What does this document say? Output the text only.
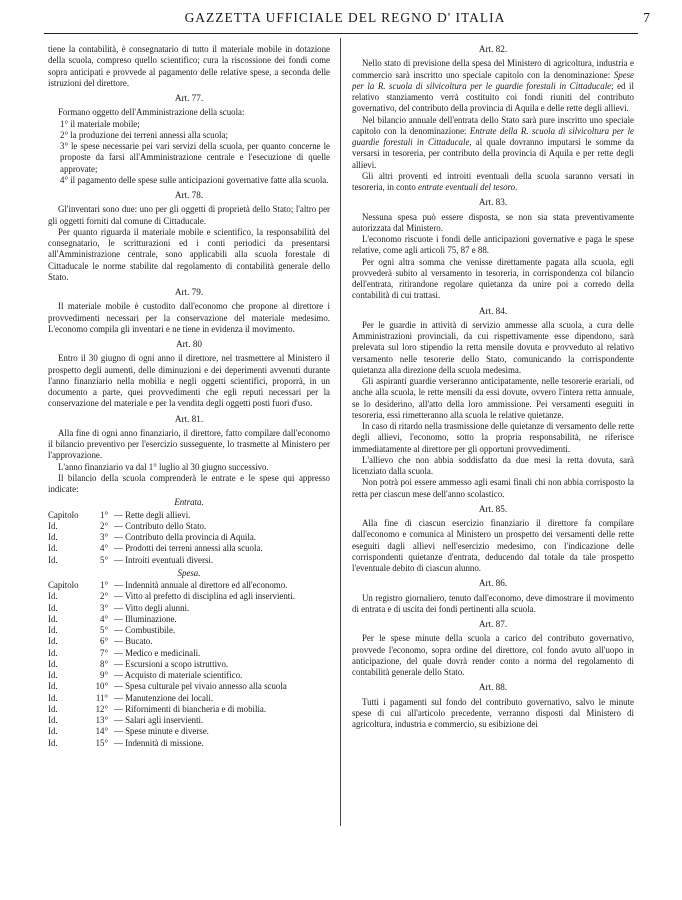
GAZZETTA UFFICIALE DEL REGNO D' ITALIA	7

tiene la contabilità, è consegnatario di tutto il materiale mobile in dotazione della scuola, compreso quello scientifico; cura la riscossione dei fondi come sopra anticipati e provvede al pagamento delle relative spese, a seconda delle istruzioni del direttore.

Art. 77.

Formano oggetto dell'Amministrazione della scuola:

1° il materiale mobile;

2° la produzione dei terreni annessi alla scuola;

3° le spese necessarie pei vari servizi della scuola, per quanto concerne le proposte da farsi all'Amministrazione centrale e l'esecuzione di quelle approvate;

4° il pagamento delle spese sulle anticipazioni governative fatte alla scuola.

Art. 78.

Gl'inventari sono due: uno per gli oggetti di proprietà dello Stato; l'altro per gli oggetti forniti dal comune di Cittaducale.

Per quanto riguarda il materiale mobile e scientifico, la responsabilità del consegnatario, le scritturazioni ed i conti periodici da presentarsi all'Amministrazione centrale, sono applicabili alla scuola forestale di Cittaducale le norme stabilite dal regolamento di contabilità generale dello Stato.

Art. 79.

Il materiale mobile è custodito dall'economo che propone al direttore i provvedimenti necessari per la conservazione del materiale medesimo. L'economo compila gli inventari e ne tiene in evidenza il movimento.

Art. 80

Entro il 30 giugno di ogni anno il direttore, nel trasmettere al Ministero il prospetto degli aumenti, delle diminuzioni e dei deperimenti avvenuti durante l'anno finanziario nella mobilia e negli oggetti scientifici, proporrà, in un documento a parte, quei provvedimenti che egli reputi necessari per la conservazione del materiale e per la vendita degli oggetti posti fuori d'uso.

Art. 81.

Alla fine di ogni anno finanziario, il direttore, fatto compilare dall'economo il bilancio preventivo per l'esercizio susseguente, lo trasmette al Ministero per l'approvazione.

L'anno finanziario va dal 1° luglio al 30 giugno successivo.

Il bilancio della scuola comprenderà le entrate e le spese qui appresso indicate:

Entrata.
Capitolo	1°	— Rette degli allievi.
Id.	2°	— Contributo dello Stato.
Id.	3°	— Contributo della provincia di Aquila.
Id.	4°	— Prodotti dei terreni annessi alla scuola.
Id.	5°	— Introiti eventuali diversi.
Spesa.
Capitolo	1°	— Indennità annuale al direttore ed all'economo.
Id.	2°	— Vitto al prefetto di disciplina ed agli inservienti.
Id.	3°	— Vitto degli alunni.
Id.	4°	— Illuminazione.
Id.	5°	— Combustibile.
Id.	6°	— Bucato.
Id.	7°	— Medico e medicinali.
Id.	8°	— Escursioni a scopo istruttivo.
Id.	9°	— Acquisto di materiale scientifico.
Id.	10°	— Spesa culturale pel vivaio annesso alla scuola
Id.	11°	— Manutenzione dei locali.
Id.	12°	— Rifornimenti di biancheria e di mobilia.
Id.	13°	— Salari agli inservienti.
Id.	14°	— Spese minute e diverse.
Id.	15°	— Indennità di missione.
Art. 82.

Nello stato di previsione della spesa del Ministero di agricoltura, industria e commercio sarà inscritto uno speciale capitolo con la denominazione: Spese per la R. scuola di silvicoltura per le guardie forestali in Cittaducale; ed il relativo stanziamento verrà costituito coi fondi riuniti del contributo governativo, del contributo della provincia di Aquila e delle rette degli allievi.

Nel bilancio annuale dell'entrata dello Stato sarà pure inscritto uno speciale capitolo con la denominazione: Entrate della R. scuola di silvicoltura per le guardie forestali in Cittaducale, al quale dovranno imputarsi le somme da versarsi in tesoreria, per contributo della provincia di Aquila e per rette degli allievi.

Gli altri proventi ed introiti eventuali della scuola saranno versati in tesoreria, in conto entrate eventuali del tesoro.

Art. 83.

Nessuna spesa può essere disposta, se non sia stata preventivamente autorizzata dal Ministero.

L'economo riscuote i fondi delle anticipazioni governative e paga le spese relative, come agli articoli 75, 87 e 88.

Per ogni altra somma che venisse direttamente pagata alla scuola, egli provvederà subito al versamento in tesoreria, in corrispondenza col bilancio dell'entrata, ritirandone regolare quietanza da unire poi a corredo della contabilità di cui trattasi.

Art. 84.

Per le guardie in attività di servizio ammesse alla scuola, a cura delle Amministrazioni provinciali, da cui rispettivamente esse dipendono, sarà prelevata sul loro stipendio la retta mensile dovuta e provveduto al relativo versamento nelle tesorerie dello Stato, comunicando la corrispondente quietanza alla direzione della scuola medesima.

Gli aspiranti guardie verseranno anticipatamente, nelle tesorerie erariali, od anche alla scuola, le rette mensili da essi dovute, ovvero l'intera retta annuale, se lo desiderino, all'atto della loro ammissione. Pei versamenti eseguiti in tesoreria, essi rimetteranno alla scuola le relative quietanze.

In caso di ritardo nella trasmissione delle quietanze di versamento delle rette degli allievi, l'economo, sotto la propria responsabilità, ne riferisce immediatamente al direttore per gli opportuni provvedimenti.

L'allievo che non abbia soddisfatto da due mesi la retta dovuta, sarà licenziato dalla scuola.

Non potrà poi essere ammesso agli esami finali chi non abbia corrisposto la retta per ciascun mese dell'anno scolastico.

Art. 85.

Alla fine di ciascun esercizio finanziario il direttore fa compilare dall'economo e comunica al Ministero un prospetto dei versamenti delle rette eseguiti dagli allievi nell'esercizio medesimo, con l'indicazione delle corrispondenti quietanze d'entrata, deducendo dal totale da tale prospetto l'eventuale debito di ciascun alunno.

Art. 86.

Un registro giornaliero, tenuto dall'economo, deve dimostrare il movimento di entrata e di uscita dei fondi pertinenti alla scuola.

Art. 87.

Per le spese minute della scuola a carico del contributo governativo, provvede l'economo, sopra ordine del direttore, col fondo avuto all'uopo in anticipazione, del quale dovrà render conto a norma del regolamento di contabilità generale dello Stato.

Art. 88.

Tutti i pagamenti sul fondo del contributo governativo, salvo le minute spese di cui all'articolo precedente, verranno disposti dal Ministero di agricoltura, industria e commercio, su esibizione dei
